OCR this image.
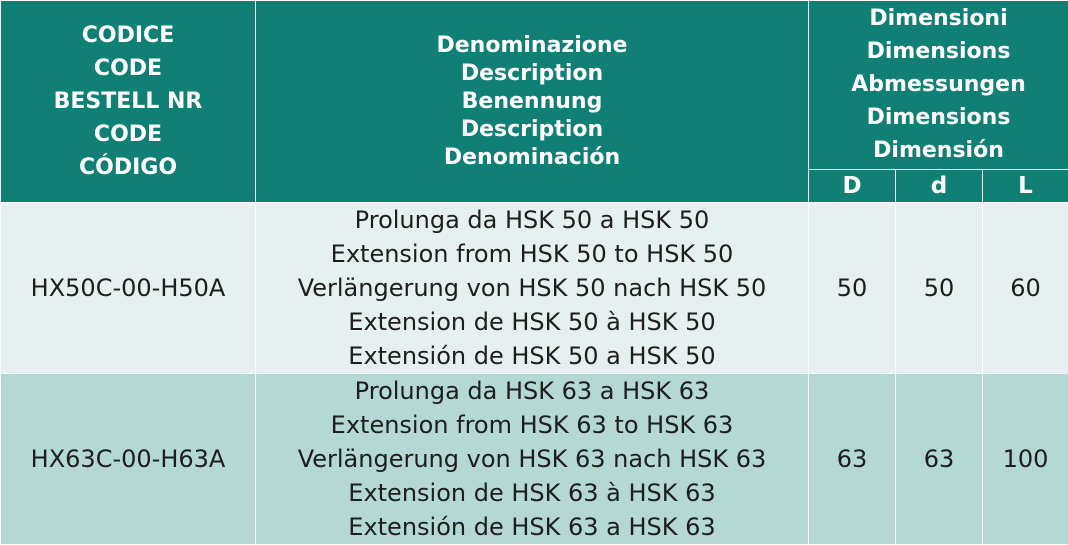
CODICE
CODE
BESTELL NR
CODE
CÓDIGO	Denominazione
Description
Benennung
Description
Denominación	Dimensioni
Dimensions
Abmessungen
Dimensions
Dimensión		

		D	d	L
HX50C-00-H50A	Prolunga da HSK 50 a HSK 50
Extension from HSK 50 to HSK 50
Verlängerung von HSK 50 nach HSK 50
Extension de HSK 50 à HSK 50
Extensión de HSK 50 a HSK 50	50	50	60
HX63C-00-H63A	Prolunga da HSK 63 a HSK 63
Extension from HSK 63 to HSK 63
Verlängerung von HSK 63 nach HSK 63
Extension de HSK 63 à HSK 63
Extensión de HSK 63 a HSK 63	63	63	100
